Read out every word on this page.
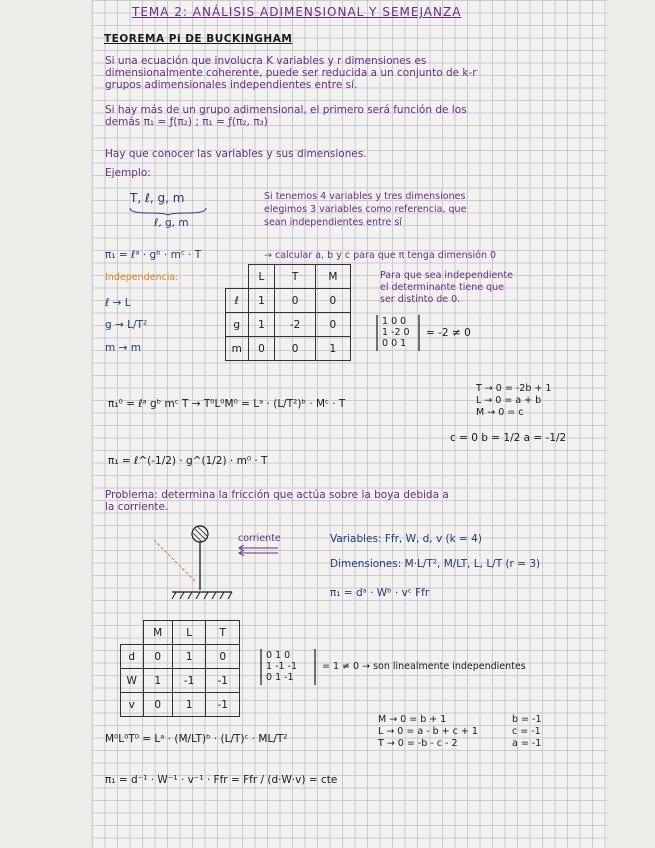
TEMA 2: ANÁLISIS ADIMENSIONAL Y SEMEJANZA
TEOREMA Pi DE BUCKINGHAM
Si una ecuación que involucra K variables y r dimensiones es
dimensionalmente coherente, puede ser reducida a un conjunto de k-r
grupos adimensionales independientes entre sí.
Si hay más de un grupo adimensional, el primero será función de los
demás π₁ = ƒ(π₂) ; π₁ = ƒ(π₂, π₃)
Hay que conocer las variables y sus dimensiones.
Ejemplo:
T, ℓ, g, m
ℓ, g, m
Si tenemos 4 variables y tres dimensiones
elegimos 3 variables como referencia, que
sean independientes entre sí
π₁ = ℓᵃ · gᵇ · mᶜ · T	→ calcular a, b y c para que π tenga dimensión 0
Independencia:
ℓ → L
g → L/T²
m → m
	L	T	M
ℓ	1	0	0
g	1	-2	0
m	0	0	1
Para que sea independiente
el determinante tiene que
ser distinto de 0.
1 0 0
1 -2 0
0 0 1
= -2 ≠ 0
π₁⁰ = ℓᵃ gᵇ mᶜ T → T⁰L⁰M⁰ = Lᵃ · (L/T²)ᵇ · Mᶜ · T
T → 0 = -2b + 1
L → 0 = a + b
M → 0 = c
c = 0 b = 1/2 a = -1/2
π₁ = ℓ^(-1/2) · g^(1/2) · m⁰ · T
Problema: determina la fricción que actúa sobre la boya debida a
la corriente.
corriente	Variables: Ffr, W, d, v (k = 4)
Dimensiones: M·L/T², M/LT, L, L/T (r = 3)
π₁ = dᵃ · Wᵇ · vᶜ Ffr
	M	L	T
d	0	1	0
W	1	-1	-1
v	0	1	-1
0 1 0
1 -1 -1
0 1 -1
= 1 ≠ 0 → son linealmente independientes
M⁰L⁰T⁰ = Lᵃ · (M/LT)ᵇ · (L/T)ᶜ · ML/T²
M → 0 = b + 1
L → 0 = a - b + c + 1
T → 0 = -b - c - 2
b = -1
c = -1
a = -1
π₁ = d⁻¹ · W⁻¹ · v⁻¹ · Ffr = Ffr / (d·W·v) = cte
